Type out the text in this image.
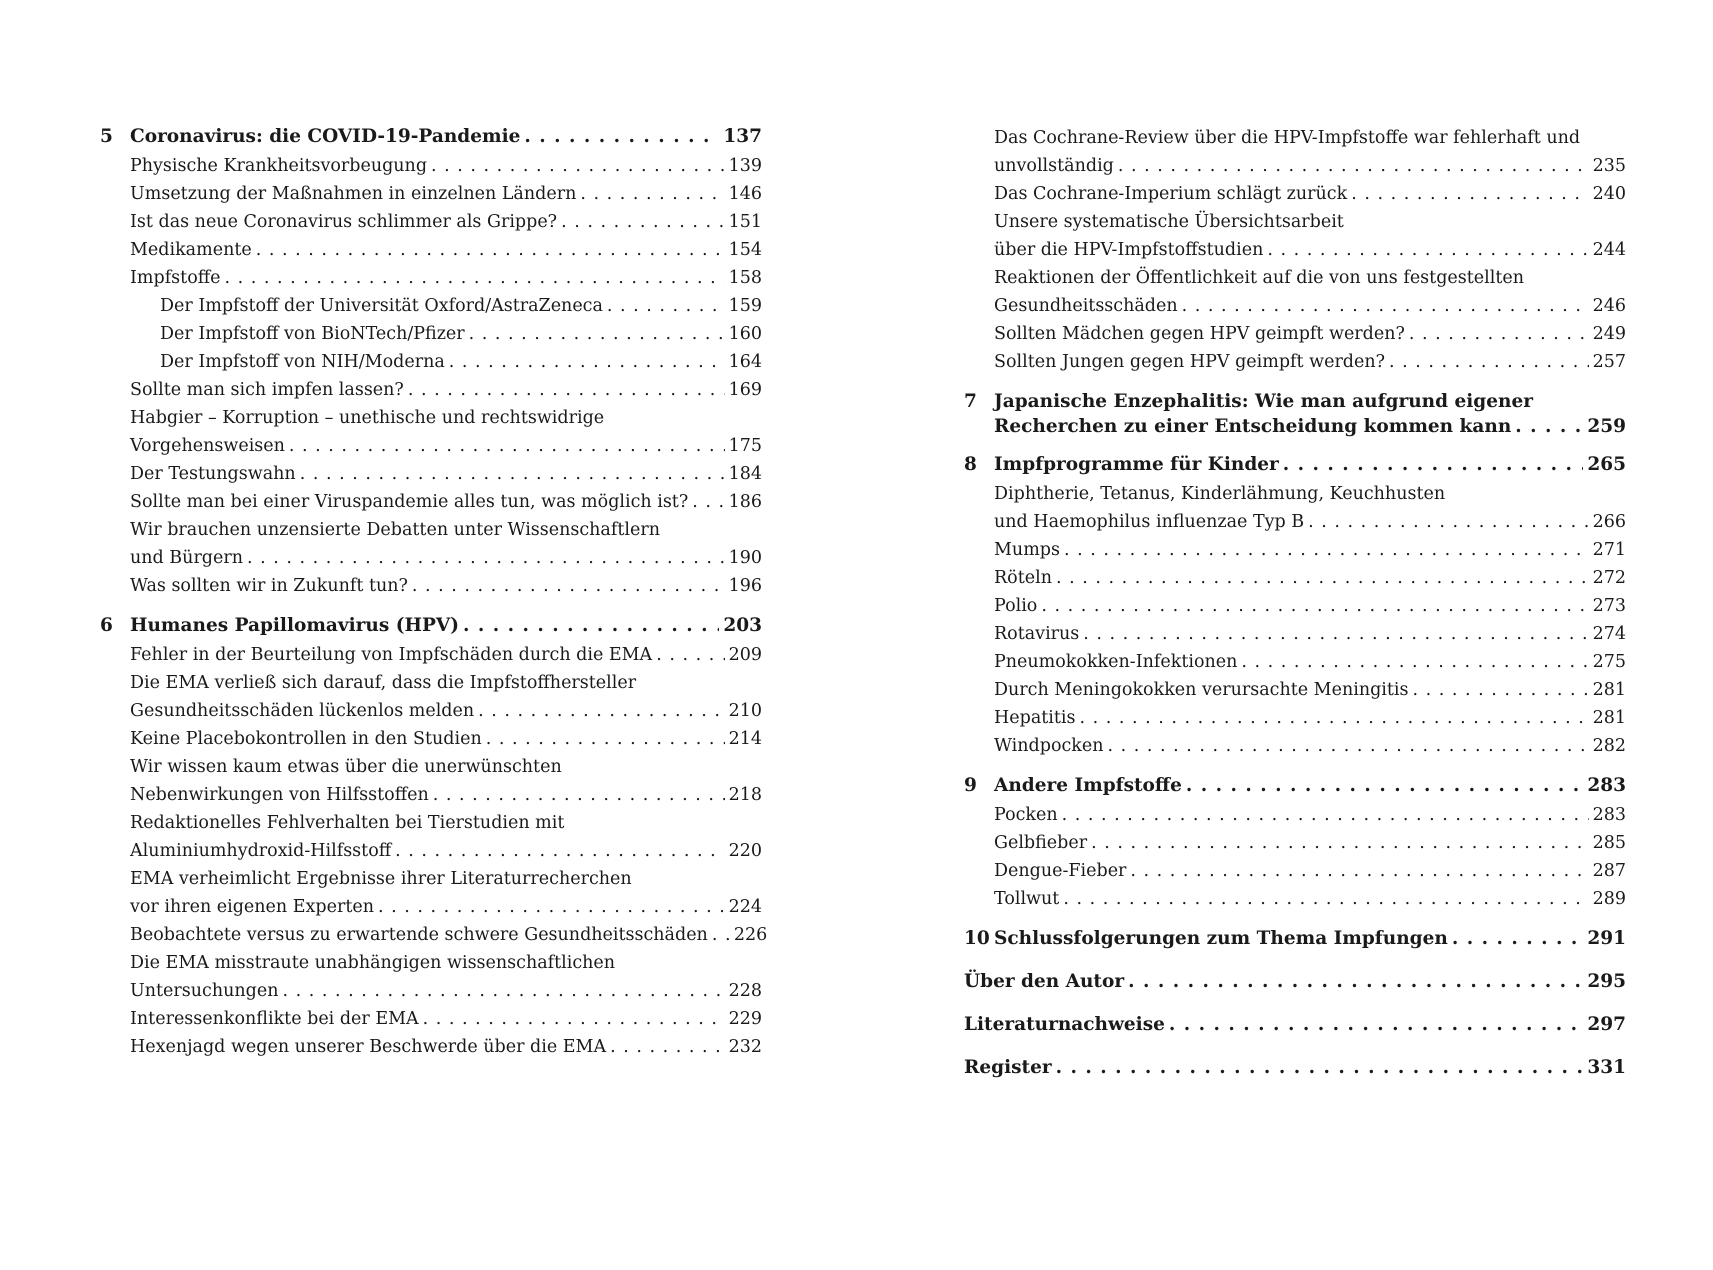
5 Coronavirus: die COVID-19-Pandemie . . .	137
Physische Krankheitsvorbeugung . . .	139
Umsetzung der Maßnahmen in einzelnen Ländern . . .	146
Ist das neue Coronavirus schlimmer als Grippe? . . .	151
Medikamente . . .	154
Impfstoffe . . .	158
Der Impfstoff der Universität Oxford/AstraZeneca . . .	159
Der Impfstoff von BioNTech/Pfizer . . .	160
Der Impfstoff von NIH/Moderna . . .	164
Sollte man sich impfen lassen? . . .	169
Habgier – Korruption – unethische und rechtswidrige
Vorgehensweisen . . .	175
Der Testungswahn . . .	184
Sollte man bei einer Viruspandemie alles tun, was möglich ist? . . . 186
Wir brauchen unzensierte Debatten unter Wissenschaftlern
und Bürgern . . .	190
Was sollten wir in Zukunft tun? . . .	196
6 Humanes Papillomavirus (HPV) . . .	203
Fehler in der Beurteilung von Impfschäden durch die EMA . . .	209
Die EMA verließ sich darauf, dass die Impfstoffhersteller
Gesundheitsschäden lückenlos melden . . .	210
Keine Placebokontrollen in den Studien . . .	214
Wir wissen kaum etwas über die unerwünschten
Nebenwirkungen von Hilfsstoffen . . .	218
Redaktionelles Fehlverhalten bei Tierstudien mit
Aluminiumhydroxid-Hilfsstoff . . .	220
EMA verheimlicht Ergebnisse ihrer Literaturrecherchen
vor ihren eigenen Experten . . .	224
Beobachtete versus zu erwartende schwere Gesundheitsschäden . . . 226
Die EMA misstraute unabhängigen wissenschaftlichen
Untersuchungen . . .	228
Interessenkonflikte bei der EMA . . .	229
Hexenjagd wegen unserer Beschwerde über die EMA . . .	232
Das Cochrane-Review über die HPV-Impfstoffe war fehlerhaft und
unvollständig . . .	235
Das Cochrane-Imperium schlägt zurück . . .	240
Unsere systematische Übersichtsarbeit
über die HPV-Impfstoffstudien . . .	244
Reaktionen der Öffentlichkeit auf die von uns festgestellten
Gesundheitsschäden . . .	246
Sollten Mädchen gegen HPV geimpft werden? . . .	249
Sollten Jungen gegen HPV geimpft werden? . . .	257
7 Japanische Enzephalitis: Wie man aufgrund eigener
Recherchen zu einer Entscheidung kommen kann . . .	259
8 Impfprogramme für Kinder . . .	265
Diphtherie, Tetanus, Kinderlähmung, Keuchhusten
und Haemophilus influenzae Typ B . . .	266
Mumps . . .	271
Röteln . . .	272
Polio . . .	273
Rotavirus . . .	274
Pneumokokken-Infektionen . . .	275
Durch Meningokokken verursachte Meningitis . . .	281
Hepatitis . . .	281
Windpocken . . .	282
9 Andere Impfstoffe . . .	283
Pocken . . .	283
Gelbfieber . . .	285
Dengue-Fieber . . .	287
Tollwut . . .	289
10 Schlussfolgerungen zum Thema Impfungen . . .	291
Über den Autor . . .	295
Literaturnachweise . . .	297
Register . . .	331
